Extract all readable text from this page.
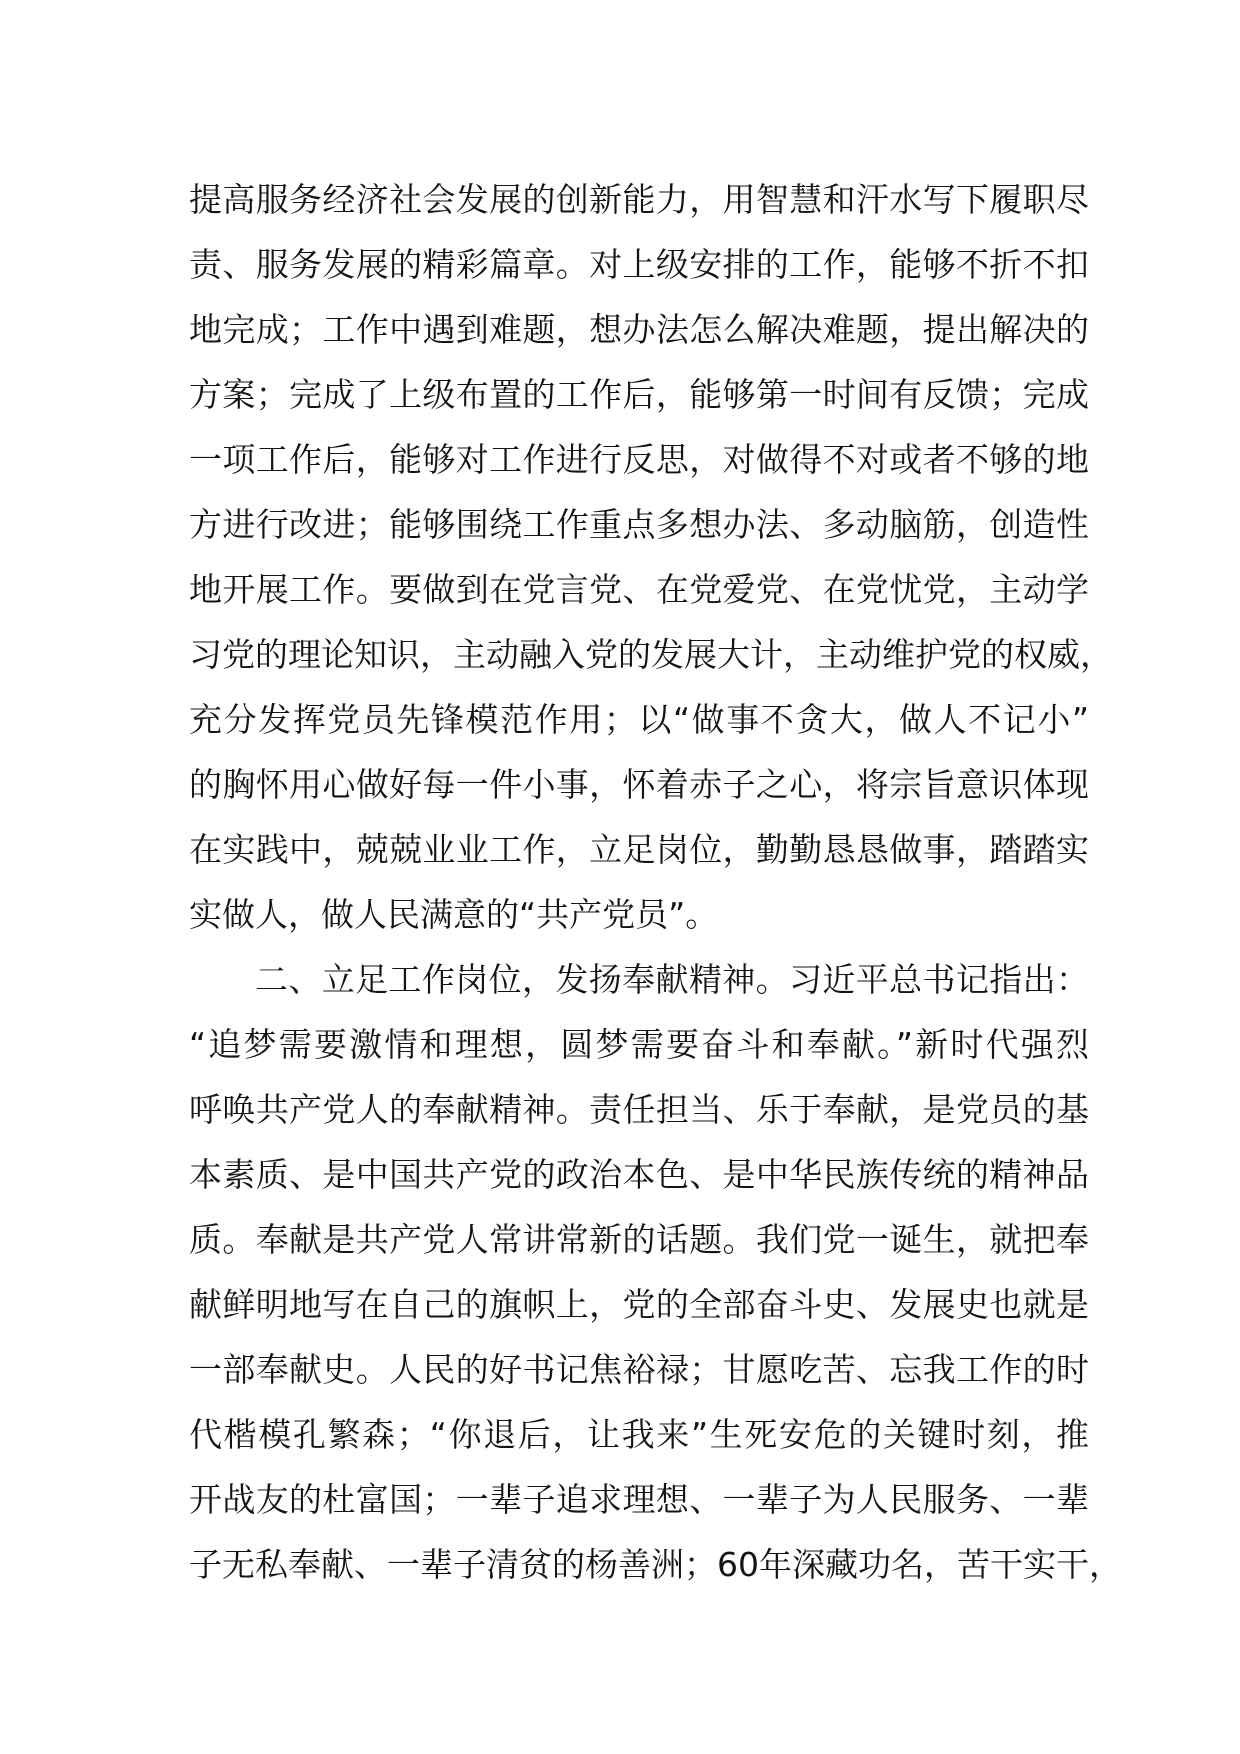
提高服务经济社会发展的创新能力，用智慧和汗水写下履职尽
责、服务发展的精彩篇章。对上级安排的工作，能够不折不扣
地完成；工作中遇到难题，想办法怎么解决难题，提出解决的
方案；完成了上级布置的工作后，能够第一时间有反馈；完成
一项工作后，能够对工作进行反思，对做得不对或者不够的地
方进行改进；能够围绕工作重点多想办法、多动脑筋，创造性
地开展工作。要做到在党言党、在党爱党、在党忧党，主动学
习党的理论知识，主动融入党的发展大计，主动维护党的权威，
充分发挥党员先锋模范作用；以“做事不贪大，做人不记小”
的胸怀用心做好每一件小事，怀着赤子之心，将宗旨意识体现
在实践中，兢兢业业工作，立足岗位，勤勤恳恳做事，踏踏实
实做人，做人民满意的“共产党员”。
二、立足工作岗位，发扬奉献精神。习近平总书记指出：
“追梦需要激情和理想，圆梦需要奋斗和奉献。”新时代强烈
呼唤共产党人的奉献精神。责任担当、乐于奉献，是党员的基
本素质、是中国共产党的政治本色、是中华民族传统的精神品
质。奉献是共产党人常讲常新的话题。我们党一诞生，就把奉
献鲜明地写在自己的旗帜上，党的全部奋斗史、发展史也就是
一部奉献史。人民的好书记焦裕禄；甘愿吃苦、忘我工作的时
代楷模孔繁森；“你退后，让我来”生死安危的关键时刻，推
开战友的杜富国；一辈子追求理想、一辈子为人民服务、一辈
子无私奉献、一辈子清贫的杨善洲；60年深藏功名，苦干实干，
